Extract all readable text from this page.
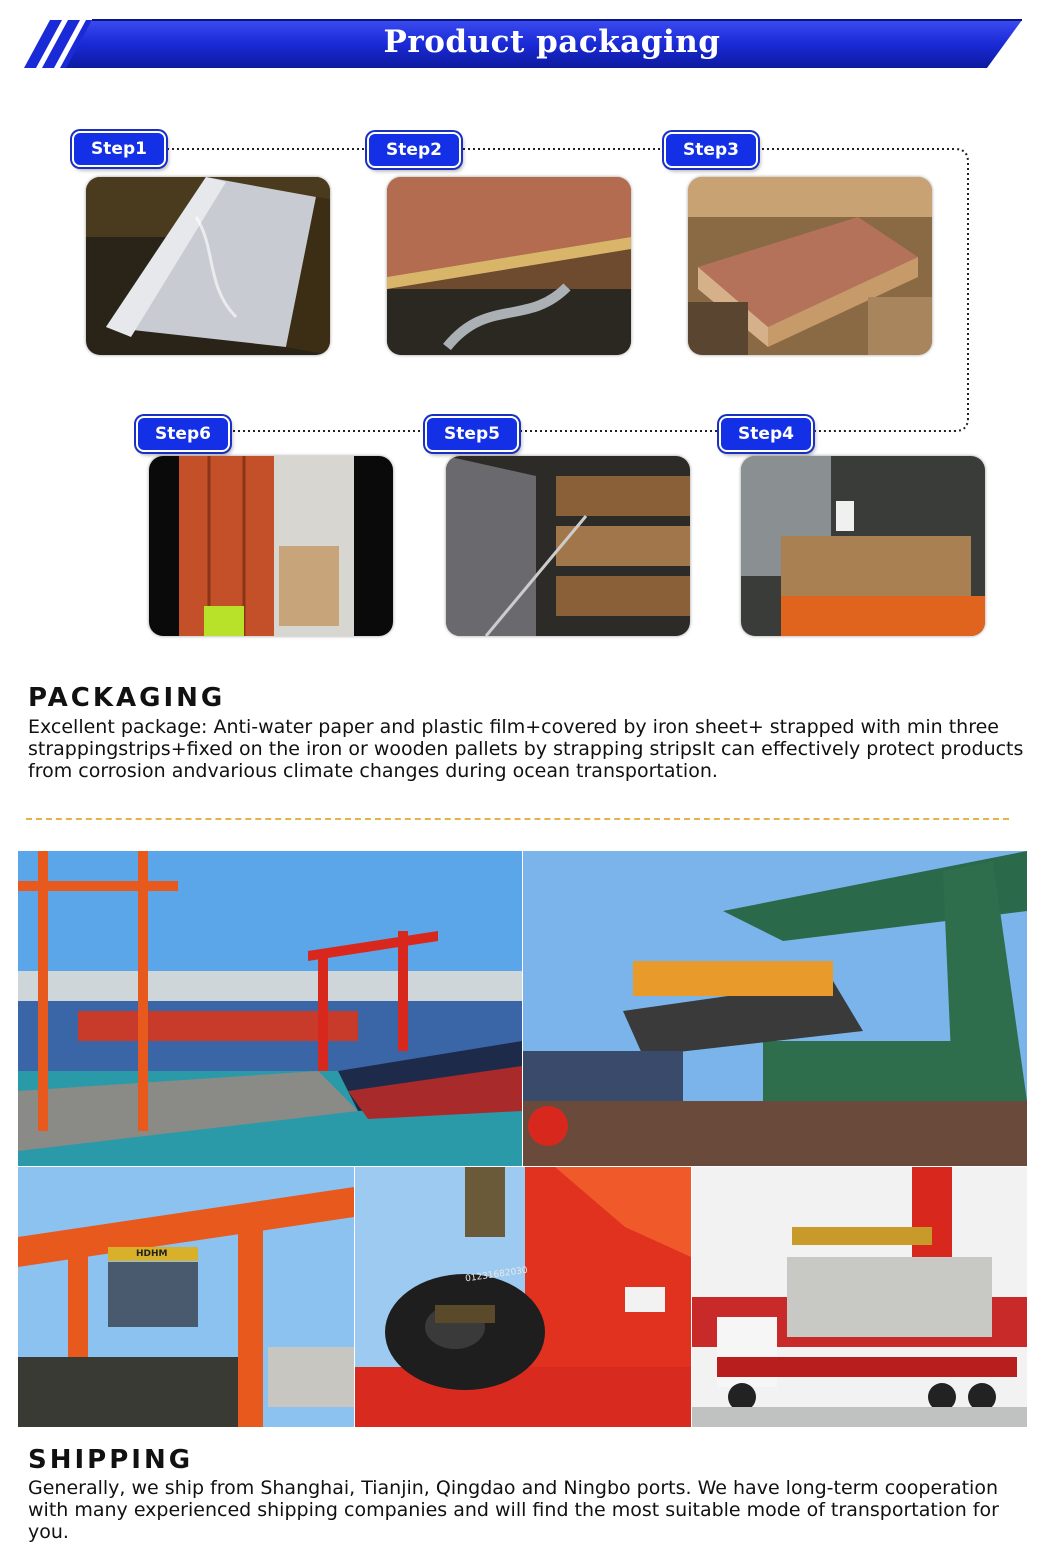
Product packaging
Step1	Step2	Step3
Step4
Step5
Step6
PACKAGING
Excellent package: Anti-water paper and plastic film+covered by iron sheet+ strapped with min three strappingstrips+fixed on the iron or wooden pallets by strapping stripsIt can effectively protect products from corrosion andvarious climate changes during ocean transportation.
HDHM
01231682030
SHIPPING
Generally, we ship from Shanghai, Tianjin, Qingdao and Ningbo ports. We have long-term cooperation with many experienced shipping companies and will find the most suitable mode of transportation for you.
